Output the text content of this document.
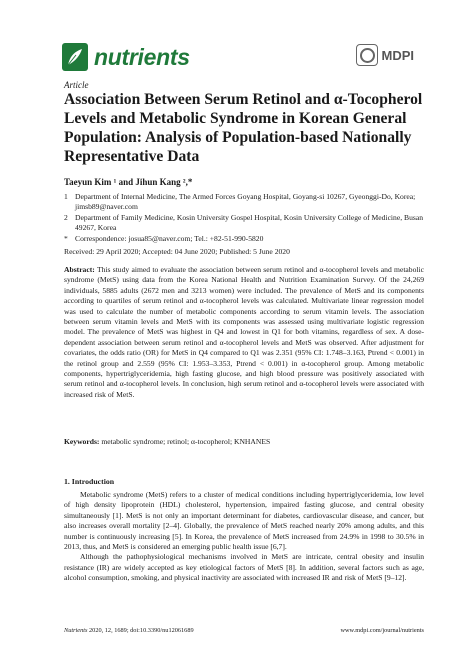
nutrients	MDPI
Article
Association Between Serum Retinol and α-Tocopherol Levels and Metabolic Syndrome in Korean General Population: Analysis of Population-based Nationally Representative Data
Taeyun Kim ¹ and Jihun Kang ²,*
1 Department of Internal Medicine, The Armed Forces Goyang Hospital, Goyang-si 10267, Gyeonggi-Do, Korea; jimsb89@naver.com
2 Department of Family Medicine, Kosin University Gospel Hospital, Kosin University College of Medicine, Busan 49267, Korea
* Correspondence: josua85@naver.com; Tel.: +82-51-990-5820
Received: 29 April 2020; Accepted: 04 June 2020; Published: 5 June 2020
Abstract: This study aimed to evaluate the association between serum retinol and α-tocopherol levels and metabolic syndrome (MetS) using data from the Korea National Health and Nutrition Examination Survey. Of the 24,269 individuals, 5885 adults (2672 men and 3213 women) were included. The prevalence of MetS and its components according to quartiles of serum retinol and α-tocopherol levels was calculated. Multivariate linear regression model was used to calculate the number of metabolic components according to serum vitamin levels. The association between serum vitamin levels and MetS with its components was assessed using multivariate logistic regression model. The prevalence of MetS was highest in Q4 and lowest in Q1 for both vitamins, regardless of sex. A dose-dependent association between serum retinol and α-tocopherol levels and MetS was observed. After adjustment for covariates, the odds ratio (OR) for MetS in Q4 compared to Q1 was 2.351 (95% CI: 1.748–3.163, Ptrend < 0.001) in the retinol group and 2.559 (95% CI: 1.953–3.353, Ptrend < 0.001) in α-tocopherol group. Among metabolic components, hypertriglyceridemia, high fasting glucose, and high blood pressure was positively associated with serum retinol and α-tocopherol levels. In conclusion, high serum retinol and α-tocopherol levels were associated with increased risk of MetS.
Keywords: metabolic syndrome; retinol; α-tocopherol; KNHANES
1. Introduction

Metabolic syndrome (MetS) refers to a cluster of medical conditions including hypertriglyceridemia, low level of high density lipoprotein (HDL) cholesterol, hypertension, impaired fasting glucose, and central obesity simultaneously [1]. MetS is not only an important determinant for diabetes, cardiovascular disease, and cancer, but also increases overall mortality [2–4]. Globally, the prevalence of MetS reached nearly 20% among adults, and this number is continuously increasing [5]. In Korea, the prevalence of MetS increased from 24.9% in 1998 to 30.5% in 2013, thus, and MetS is considered an emerging public health issue [6,7].

Although the pathophysiological mechanisms involved in MetS are intricate, central obesity and insulin resistance (IR) are widely accepted as key etiological factors of MetS [8]. In addition, several factors such as age, alcohol consumption, smoking, and physical inactivity are associated with increased IR and risk of MetS [9–12].

Nutrients 2020, 12, 1689; doi:10.3390/nu12061689	www.mdpi.com/journal/nutrients
